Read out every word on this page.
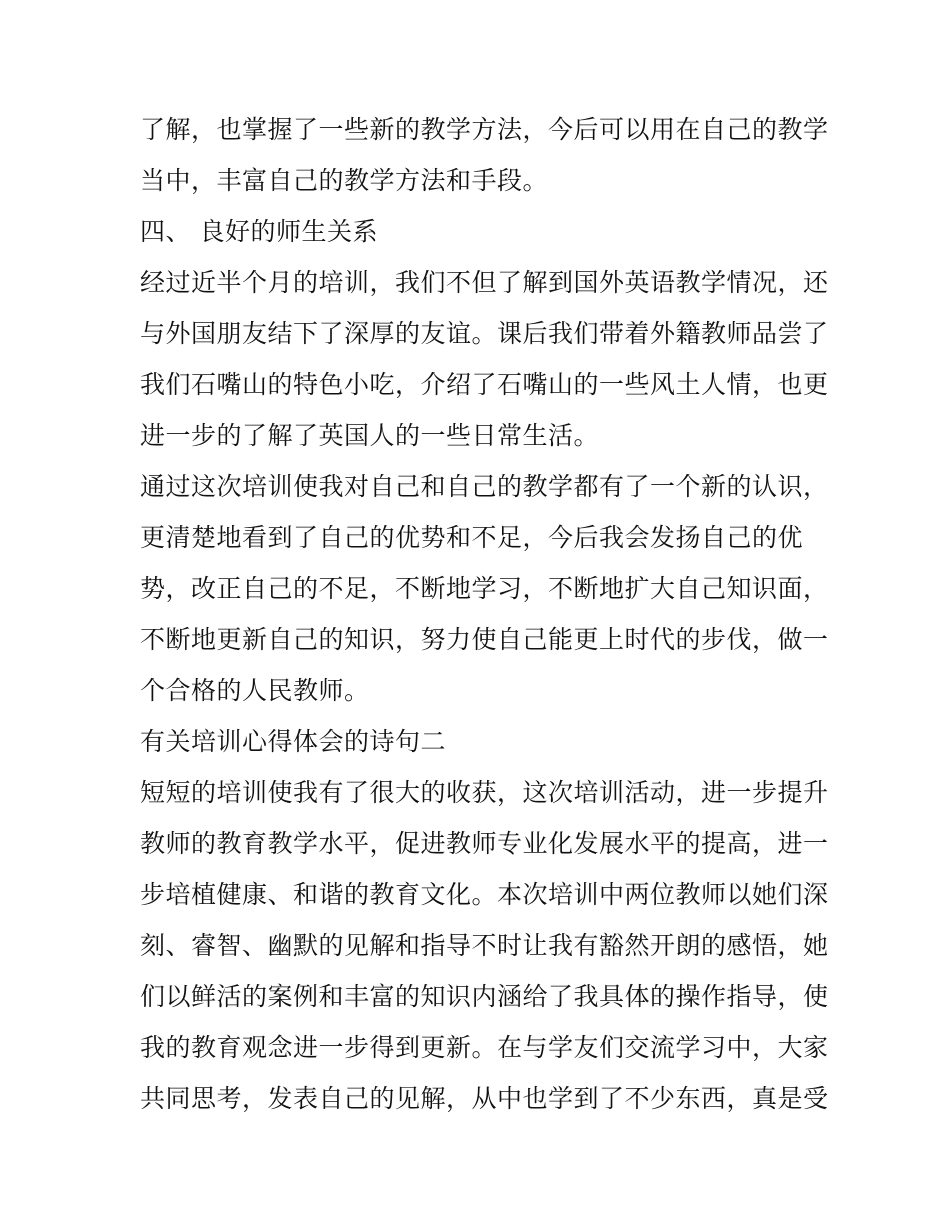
了解，也掌握了一些新的教学方法，今后可以用在自己的教学
当中，丰富自己的教学方法和手段。
四、 良好的师生关系
经过近半个月的培训，我们不但了解到国外英语教学情况，还
与外国朋友结下了深厚的友谊。课后我们带着外籍教师品尝了
我们石嘴山的特色小吃，介绍了石嘴山的一些风土人情，也更
进一步的了解了英国人的一些日常生活。
通过这次培训使我对自己和自己的教学都有了一个新的认识，
更清楚地看到了自己的优势和不足，今后我会发扬自己的优
势，改正自己的不足，不断地学习，不断地扩大自己知识面，
不断地更新自己的知识，努力使自己能更上时代的步伐，做一
个合格的人民教师。
有关培训心得体会的诗句二
短短的培训使我有了很大的收获，这次培训活动，进一步提升
教师的教育教学水平，促进教师专业化发展水平的提高，进一
步培植健康、和谐的教育文化。本次培训中两位教师以她们深
刻、睿智、幽默的见解和指导不时让我有豁然开朗的感悟，她
们以鲜活的案例和丰富的知识内涵给了我具体的操作指导，使
我的教育观念进一步得到更新。在与学友们交流学习中，大家
共同思考，发表自己的见解，从中也学到了不少东西，真是受
